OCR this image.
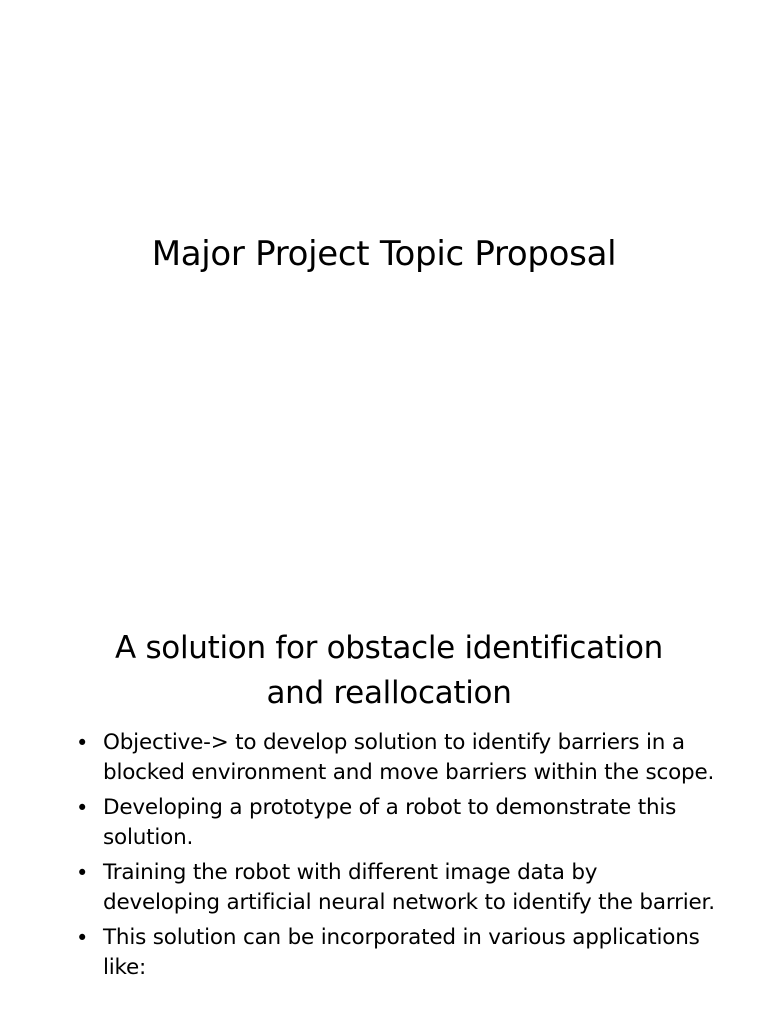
Major Project Topic Proposal
A solution for obstacle identification
and reallocation
• Objective-> to develop solution to identify barriers in a blocked environment and move barriers within the scope.
• Developing a prototype of a robot to demonstrate this solution.
• Training the robot with different image data by developing artificial neural network to identify the barrier.
• This solution can be incorporated in various applications like:
